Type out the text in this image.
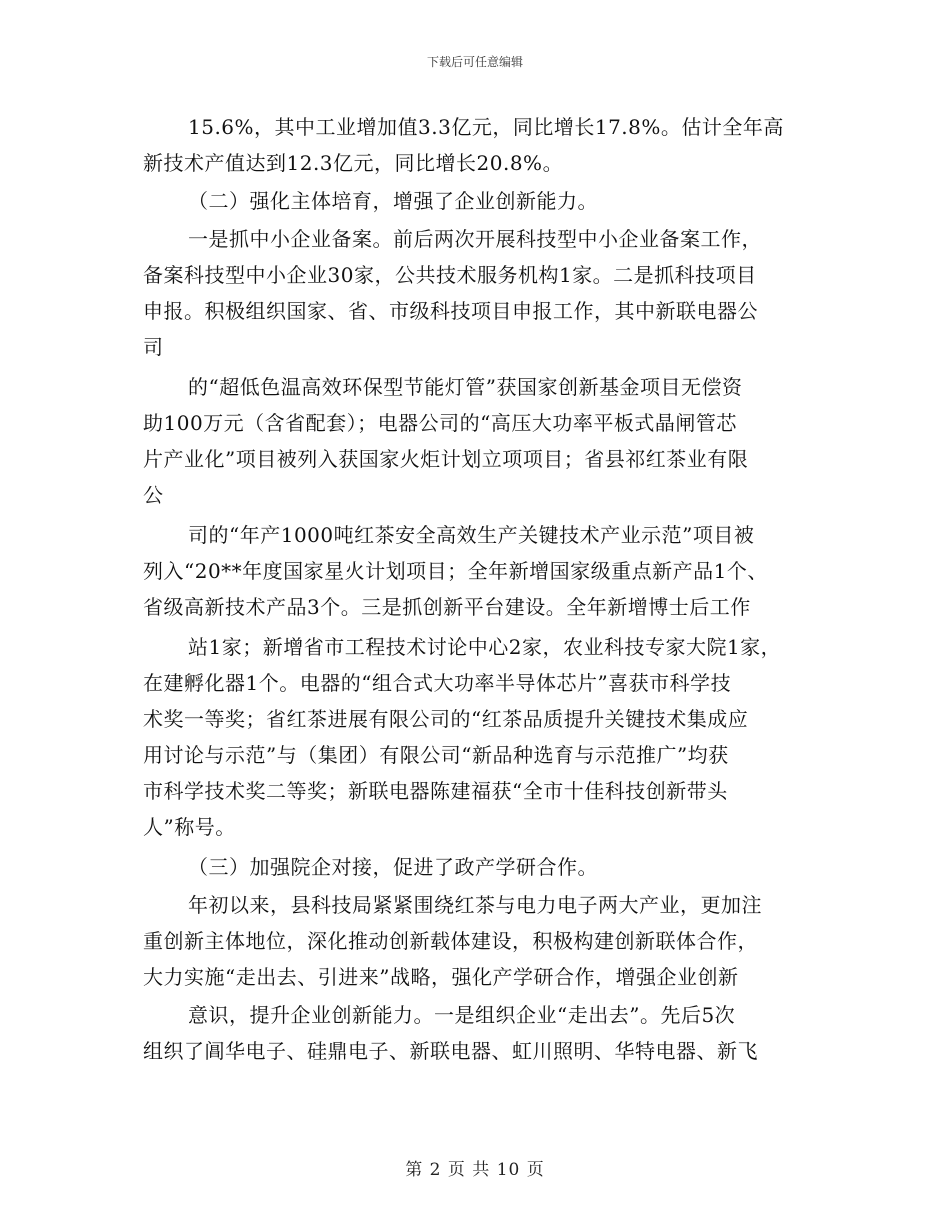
下载后可任意编辑
15.6%，其中工业增加值3.3亿元，同比增长17.8%。估计全年高
新技术产值达到12.3亿元，同比增长20.8%。
（二）强化主体培育，增强了企业创新能力。
一是抓中小企业备案。前后两次开展科技型中小企业备案工作，
备案科技型中小企业30家，公共技术服务机构1家。二是抓科技项目
申报。积极组织国家、省、市级科技项目申报工作，其中新联电器公
司
的“超低色温高效环保型节能灯管”获国家创新基金项目无偿资
助100万元（含省配套）；电器公司的“高压大功率平板式晶闸管芯
片产业化”项目被列入获国家火炬计划立项项目；省县祁红茶业有限
公
司的“年产1000吨红茶安全高效生产关键技术产业示范”项目被
列入“20**年度国家星火计划项目；全年新增国家级重点新产品1个、
省级高新技术产品3个。三是抓创新平台建设。全年新增博士后工作
站1家；新增省市工程技术讨论中心2家，农业科技专家大院1家，
在建孵化器1个。电器的“组合式大功率半导体芯片”喜获市科学技
术奖一等奖；省红茶进展有限公司的“红茶品质提升关键技术集成应
用讨论与示范”与（集团）有限公司“新品种选育与示范推广”均获
市科学技术奖二等奖；新联电器陈建福获“全市十佳科技创新带头
人”称号。
（三）加强院企对接，促进了政产学研合作。
年初以来，县科技局紧紧围绕红茶与电力电子两大产业，更加注
重创新主体地位，深化推动创新载体建设，积极构建创新联体合作，
大力实施“走出去、引进来”战略，强化产学研合作，增强企业创新
意识，提升企业创新能力。一是组织企业“走出去”。先后5次
组织了阊华电子、硅鼎电子、新联电器、虹川照明、华特电器、新飞
第 2 页 共 10 页
